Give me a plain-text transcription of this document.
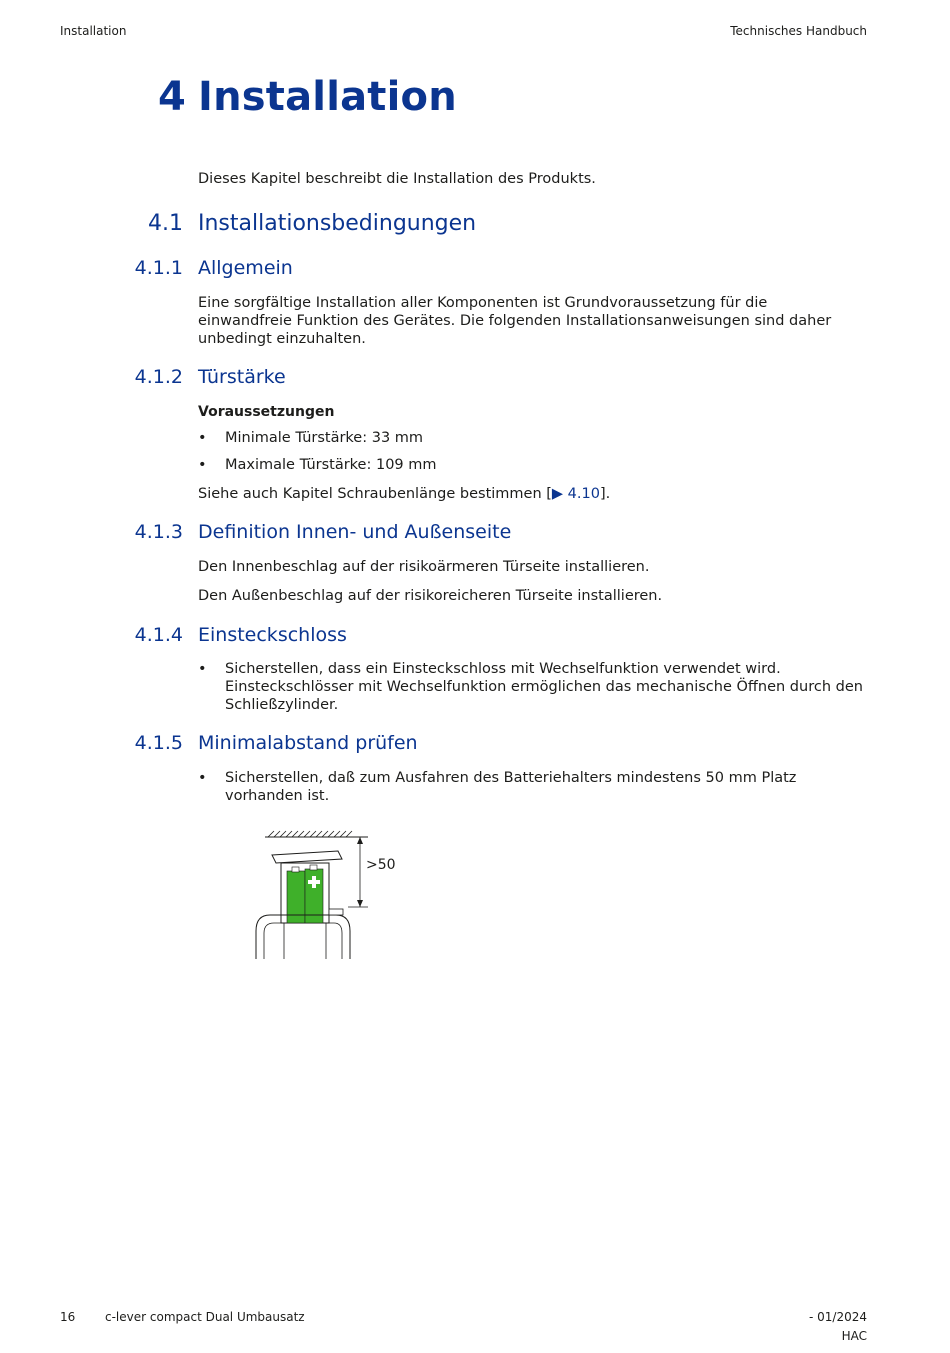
Installation	Technisches Handbuch
4 Installation
Dieses Kapitel beschreibt die Installation des Produkts.
4.1 Installationsbedingungen
4.1.1 Allgemein
Eine sorgfältige Installation aller Komponenten ist Grundvoraussetzung für die einwandfreie Funktion des Gerätes. Die folgenden Installationsanweisungen sind daher unbedingt einzuhalten.
4.1.2 Türstärke
Voraussetzungen
• Minimale Türstärke: 33 mm
• Maximale Türstärke: 109 mm
Siehe auch Kapitel Schraubenlänge bestimmen [▶ 4.10].
4.1.3 Definition Innen- und Außenseite
Den Innenbeschlag auf der risikoärmeren Türseite installieren.
Den Außenbeschlag auf der risikoreicheren Türseite installieren.
4.1.4 Einsteckschloss
• Sicherstellen, dass ein Einsteckschloss mit Wechselfunktion verwendet wird. Einsteckschlösser mit Wechselfunktion ermöglichen das mechanische Öffnen durch den Schließzylinder.
4.1.5 Minimalabstand prüfen
• Sicherstellen, daß zum Ausfahren des Batteriehalters mindestens 50 mm Platz vorhanden ist.
>50
16 c-lever compact Dual Umbausatz	- 01/2024
HAC
